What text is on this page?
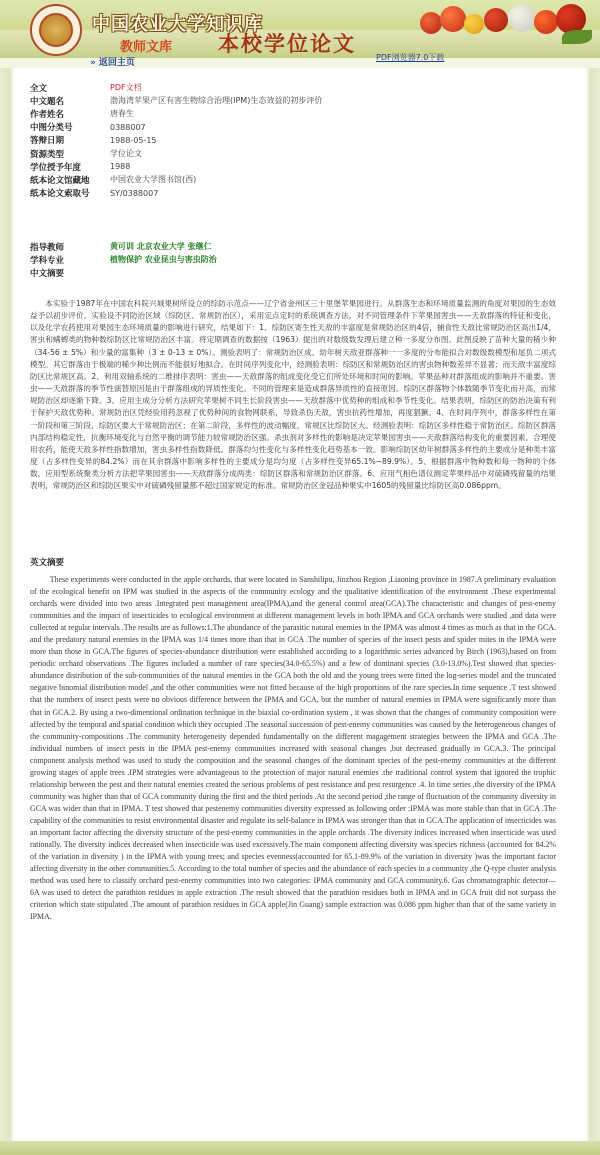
中国农业大学知识库
教师文库 本校学位论文
» 返回主页
PDF浏览器7.0下载
全文	PDF文档
中文题名	渤海湾苹果产区有害生物综合治理(IPM)生态效益的初步评价
作者姓名	唐春生
中图分类号	0388007
答辩日期	1988-05-15
资源类型	学位论文
学位授予年度	1988
纸本论文馆藏地	中国农业大学图书馆(西)
纸本论文索取号	SY/0388007
指导教师	黄可训 北京农业大学 张继仁
学科专业	植物保护 农业昆虫与害虫防治
中文摘要
本实验于1987年在中国农科院兴城果树所设立的综防示范点——辽宁省金州区三十里堡苹果园进行。从群落生态和环境质量监测的角度对果园的生态效益予以初步评价。实验设不同防治区域（综防区、常规防治区），采用定点定时的系统调查方法，对不同管理条件下苹果园害虫——天敌群落的特征和变化，以及化学农药使用对果园生态环境质量的影响进行研究，结果如下：1、综防区寄生性天敌的丰富度是常规防治区的4倍，捕食性天敌比常规防治区高出1/4，害虫和螨蜱类的物种数综防区比常规防治区丰富。将定期调查的数据按（1963）提出的对数级数发理后建立种一多度分布图。此图反映了苗种大量的稀少种（34-56 ± 5%）和少量的富集种（3 ± 0-13 ± 0%）。测验表明了：常规防治区成、幼年树天敌亚群落种一一多度的分布能拟合对数级数模型和尾负二项式模型。其它群落由于极端的稀少种比例而不能很好地拟合。在时间序列变化中，经测验表明：综防区和常规防治区的害虫物种数差异不显著；而天敌丰富度综防区比常规区高。2、利用双轴系统的二维排序表明：害虫——天敌群落的组成变化受它们所处环境和时间的影响。苹果品种对群落组成的影响并不重要。害虫——天敌群落的季节性演替原因是由于群落组成的异质性变化。不同的管理来是造成群落异质性的直接原因。综防区群落物个体数随季节变化而升高，而常规防治区却逐渐下降。3、应用主成分分析方法研究苹果树不同生长阶段害虫——天敌群落中优势种的组成和季节性变化。结果表明，综防区的防治决策有利于保护天敌优势种。常规防治区凭经验用药忽视了优势种间的食物网联系，导致杀伤天敌，害虫抗药性增加，再度猖獗。4、在时间序列中，群落多样性在第一阶段和第三阶段，综防区要大于常规防治区；在第二阶段，多样性的波动幅度，常规区比综防区大。经测验表明：综防区多样性稳于常防治区。综防区群落内部结构稳定性，抗衡环境变化与自然平衡的调节能力较常规防治区强。杀虫剂对多样性的影响是决定苹果园害虫——天敌群落结构变化的重要因素。合理使用农药，能使天敌多样性指数增加，害虫多样性指数降低。群落均匀性变化与多样性变化趋势基本一致。影响综防区幼年树群落多样性的主要成分是种类丰富度（占多样性变异的84.2%）而在其余群落中影响多样性的主要成分是均匀度（占多样性变异65.1%~89.9%）。5、根据群落中物种数和每一物种的个体数，应用型系统聚类分析方法把苹果园害虫——天敌群落分成两类：综防区群落和常规防治区群落。6、应用气相色谱仪测定苹果样品中对硫磷残留量的结果表明，常规防治区和综防区果实中对硫磷残留量都不超过国家规定的标准。常规防治区金冠品种果实中1605的残留量比综防区高0.086ppm。
英文摘要
These experiments were conducted in the apple orchards, that were located in Sanshilipu, Jinzhou Region ,Liaoning province in 1987.A preliminary evaluation of the ecological benefit on IPM was studied in the aspects of the community ecology and the qualitative identification of the environment .These experimental orchards were divided into two areas .Integrated pest management area(IPMA),and the general control area(GCA).The characteristic and changes of pest-enemy communities and the impact of insecticides to ecological environment at different management levels in both IPMA and GCA orchards were studied ,and data were collected at regular intervals .The results are as follows:1.The abundance of the parasitic natural enemies in the IPMA was almost 4 times as much as that in the GCA. and the predatory natural enemies in the IPMA was 1/4 times more than that in GCA .The number of species of the insect pests and spider mites in the IPMA were more than those in GCA.The figures of species-abundance distribution were established according to a logarithmic series advanced by Birch (1963),based on from periodic orchard observations .The figures included a number of rare species(34.0-65.5%) and a few of dominant species (3.0-13.0%).Test showed that species-abundance distribution of the sub-communities of the natural enemies in the GCA both the old and the young trees were fitted the log-series model and the truncated negative binomial distribution model ,and the other communities were not fitted because of the high proportions of the rare species.In time sequence .T test showed that the numbers of insect pests were no obvious difference between the IPMA and GCA, but the number of natural enemies in IPMA were significantly more than that in GCA.2. By using a two-dimentional ordination technique in the biaxial co-ordination system , it was shown that the changes of community composition were affected by the temporal and spatial condition which they occupied .The seasonal succession of pest-enemy communities was caused by the heterogeneous changes of the community-compositions .The community heterogeneity depended fundamentally on the different magagement strategies between the IPMA and GCA .The individual numbers of insect pests in the IPMA pest-enemy communities increased with seasonal changes ,but decreased gradually in GCA.3. The principal component analysis method was used to study the composition and the seasonal changes of the dominant species of the pest-enemy communities at the different growing stages of apple trees .IPM strategies were advantageous to the protection of major natural enemies .the traditional control system that ignored the trophic relationship between the pest and their natural enemies created the serious problems of pest resistance and pest resurgence .4. In time series ,the diversity of the IPMA community was higher than that of GCA community during the first and the third periods .At the second period ,the range of fluctuation of the community diversity in GCA was wider than that in IPMA. T test showed that pestenemy communities diversity expressed as following order :IPMA was more stable than that in GCA .The capability of the communities to resist environmental disaster and regulate its self-balance in IPMA was stronger than that in GCA.The application of insecticides was an important factor affecting the diversity structure of the pest-enemy communities in the apple orchards .The diversity indices increased when insecticide was used rationally. The diversity indices decreased when insecticide was used excessively.The main component affecting diversity was species richness (accounted for 84.2% of the variation in diversity ) in the IPMA with young trees; and species evenness(accounted for 65.1-89.9% of the variation in diversity )was the important factor affecting diversity in the other communities.5. According to the total number of species and the abundance of each species in a community ,the Q-type cluster analysis method was used here to classify orchard pest-enemy communities into two categories: IPMA community and GCA community.6. Gas chromatographic detector—6A was used to detect the parathion residues in apple extraction .The result showed that the parathion residues both in IPMA and in GCA fruit did not surpass the criterion which state stipulated .The amount of parathion residues in GCA apple(Jin Guang) sample extraction was 0.086 ppm higher than that of the same variety in IPMA.
